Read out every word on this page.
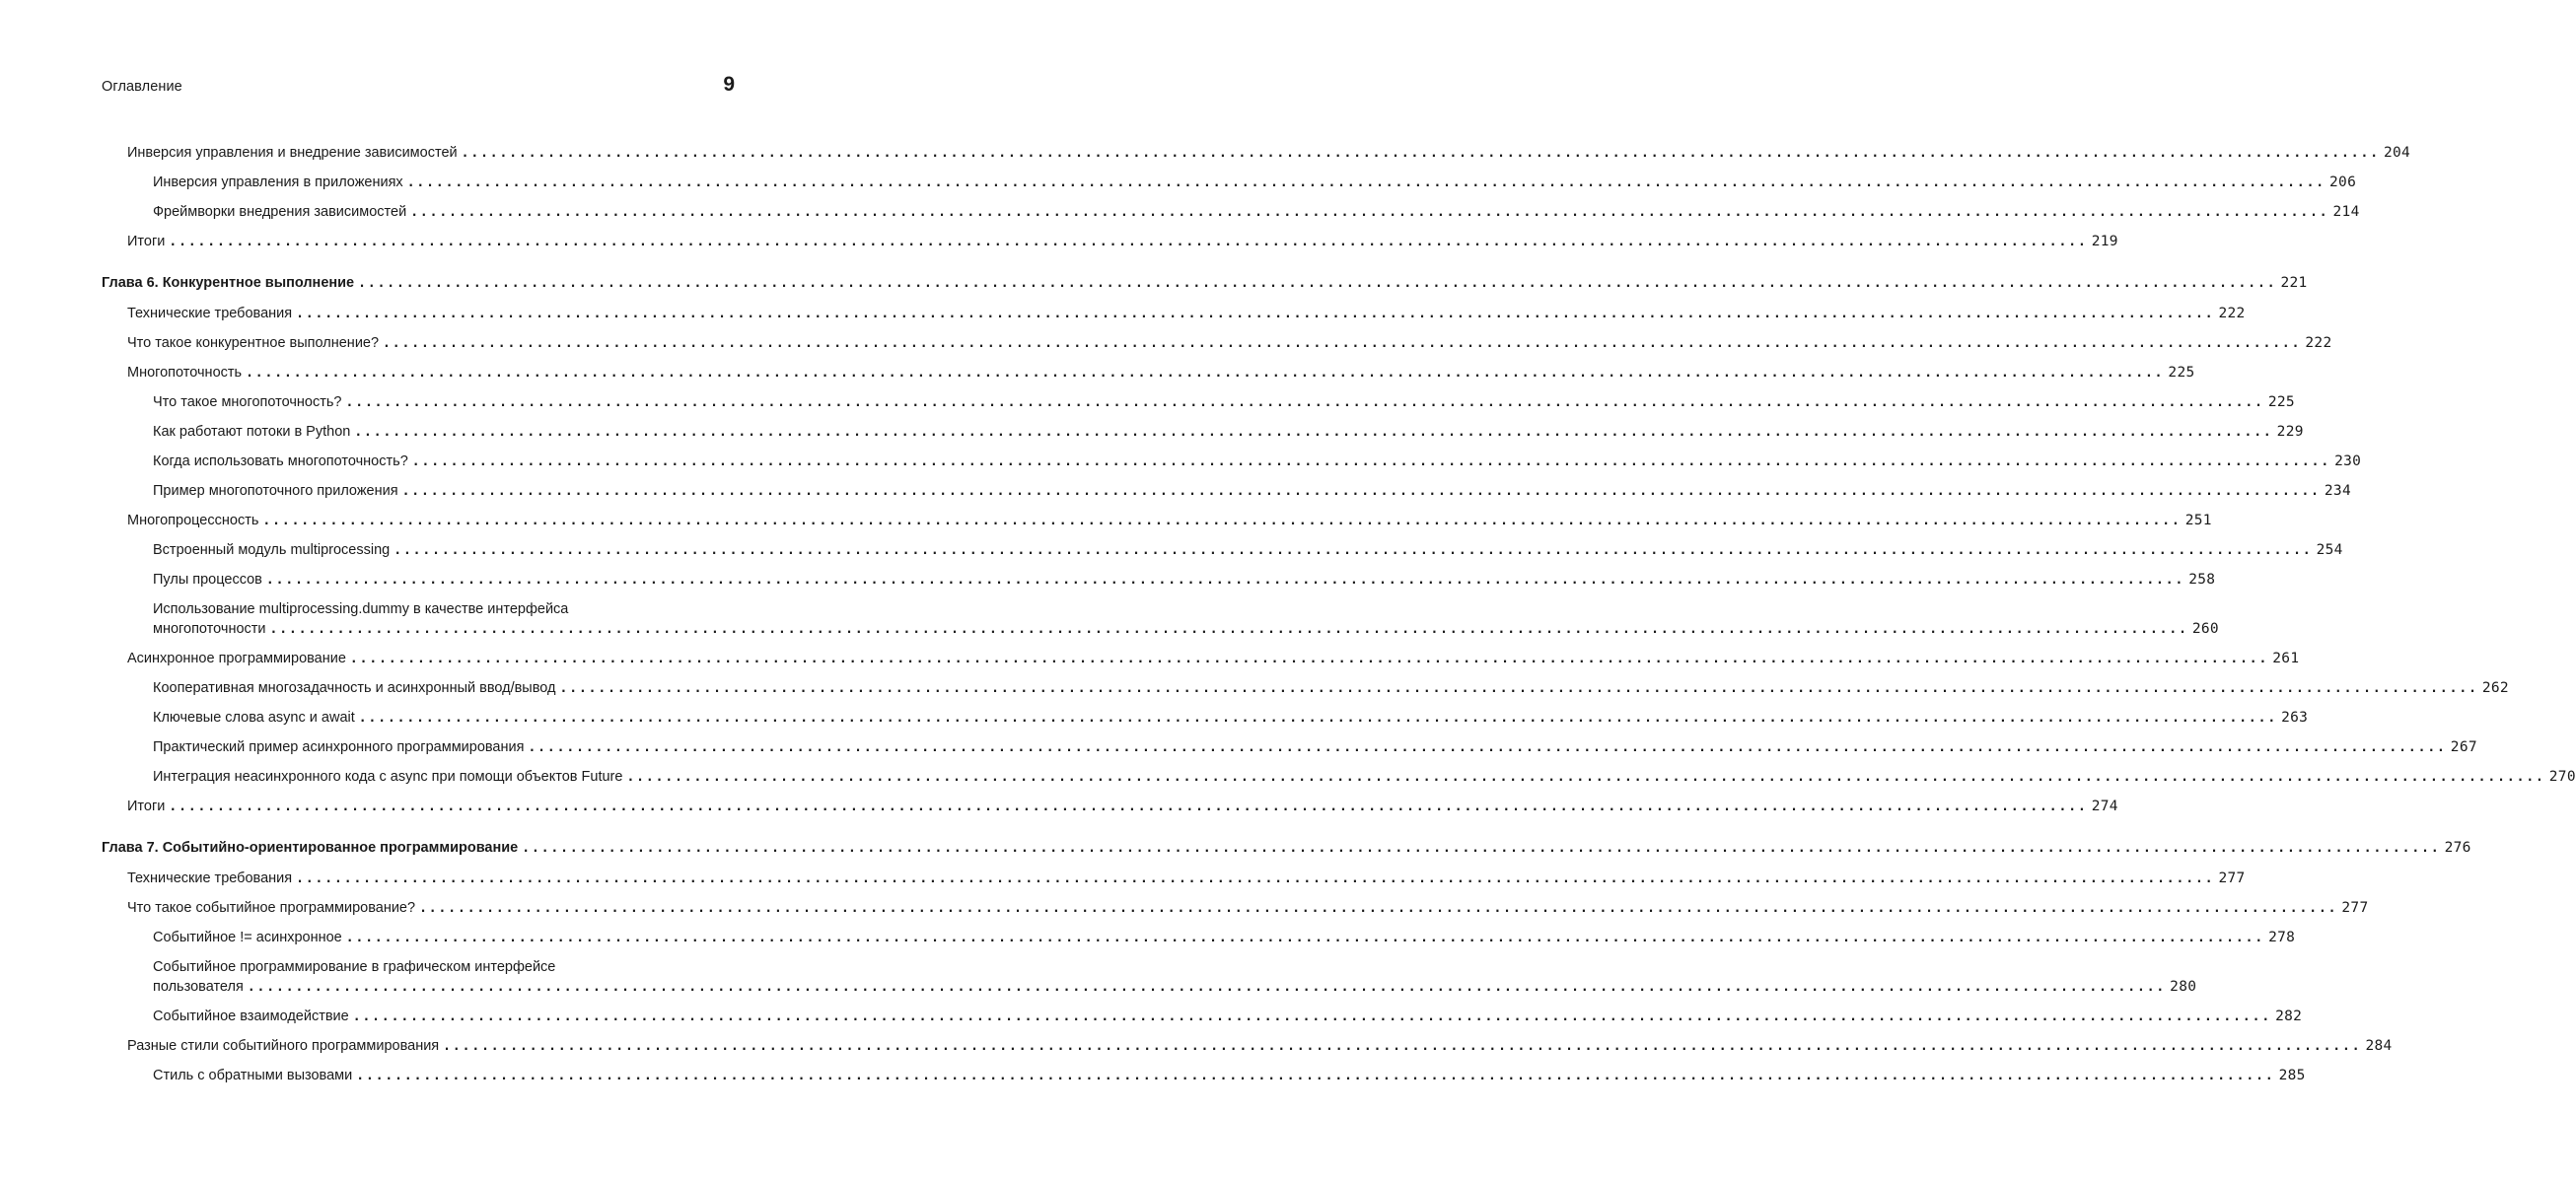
Оглавление	9
Инверсия управления и внедрение зависимостей ........................................................................................................................................................................................................ 204
Инверсия управления в приложениях ........................................................................................................................................................................................................ 206
Фреймворки внедрения зависимостей ........................................................................................................................................................................................................ 214
Итоги ........................................................................................................................................................................................................ 219
Глава 6. Конкурентное выполнение ........................................................................................................................................................................................................ 221
Технические требования ........................................................................................................................................................................................................ 222
Что такое конкурентное выполнение? ........................................................................................................................................................................................................ 222
Многопоточность ........................................................................................................................................................................................................ 225
Что такое многопоточность? ........................................................................................................................................................................................................ 225
Как работают потоки в Python ........................................................................................................................................................................................................ 229
Когда использовать многопоточность? ........................................................................................................................................................................................................ 230
Пример многопоточного приложения ........................................................................................................................................................................................................ 234
Многопроцессность ........................................................................................................................................................................................................ 251
Встроенный модуль multiprocessing ........................................................................................................................................................................................................ 254
Пулы процессов ........................................................................................................................................................................................................ 258
Использование multiprocessing.dummy в качестве интерфейса
многопоточности ........................................................................................................................................................................................................ 260
Асинхронное программирование ........................................................................................................................................................................................................ 261
Кооперативная многозадачность и асинхронный ввод/вывод ........................................................................................................................................................................................................ 262
Ключевые слова async и await ........................................................................................................................................................................................................ 263
Практический пример асинхронного программирования ........................................................................................................................................................................................................ 267
Интеграция неасинхронного кода с async при помощи объектов Future ........................................................................................................................................................................................................ 270
Итоги ........................................................................................................................................................................................................ 274
Глава 7. Событийно-ориентированное программирование ........................................................................................................................................................................................................ 276
Технические требования ........................................................................................................................................................................................................ 277
Что такое событийное программирование? ........................................................................................................................................................................................................ 277
Событийное != асинхронное ........................................................................................................................................................................................................ 278
Событийное программирование в графическом интерфейсе
пользователя ........................................................................................................................................................................................................ 280
Событийное взаимодействие ........................................................................................................................................................................................................ 282
Разные стили событийного программирования ........................................................................................................................................................................................................ 284
Стиль с обратными вызовами ........................................................................................................................................................................................................ 285
